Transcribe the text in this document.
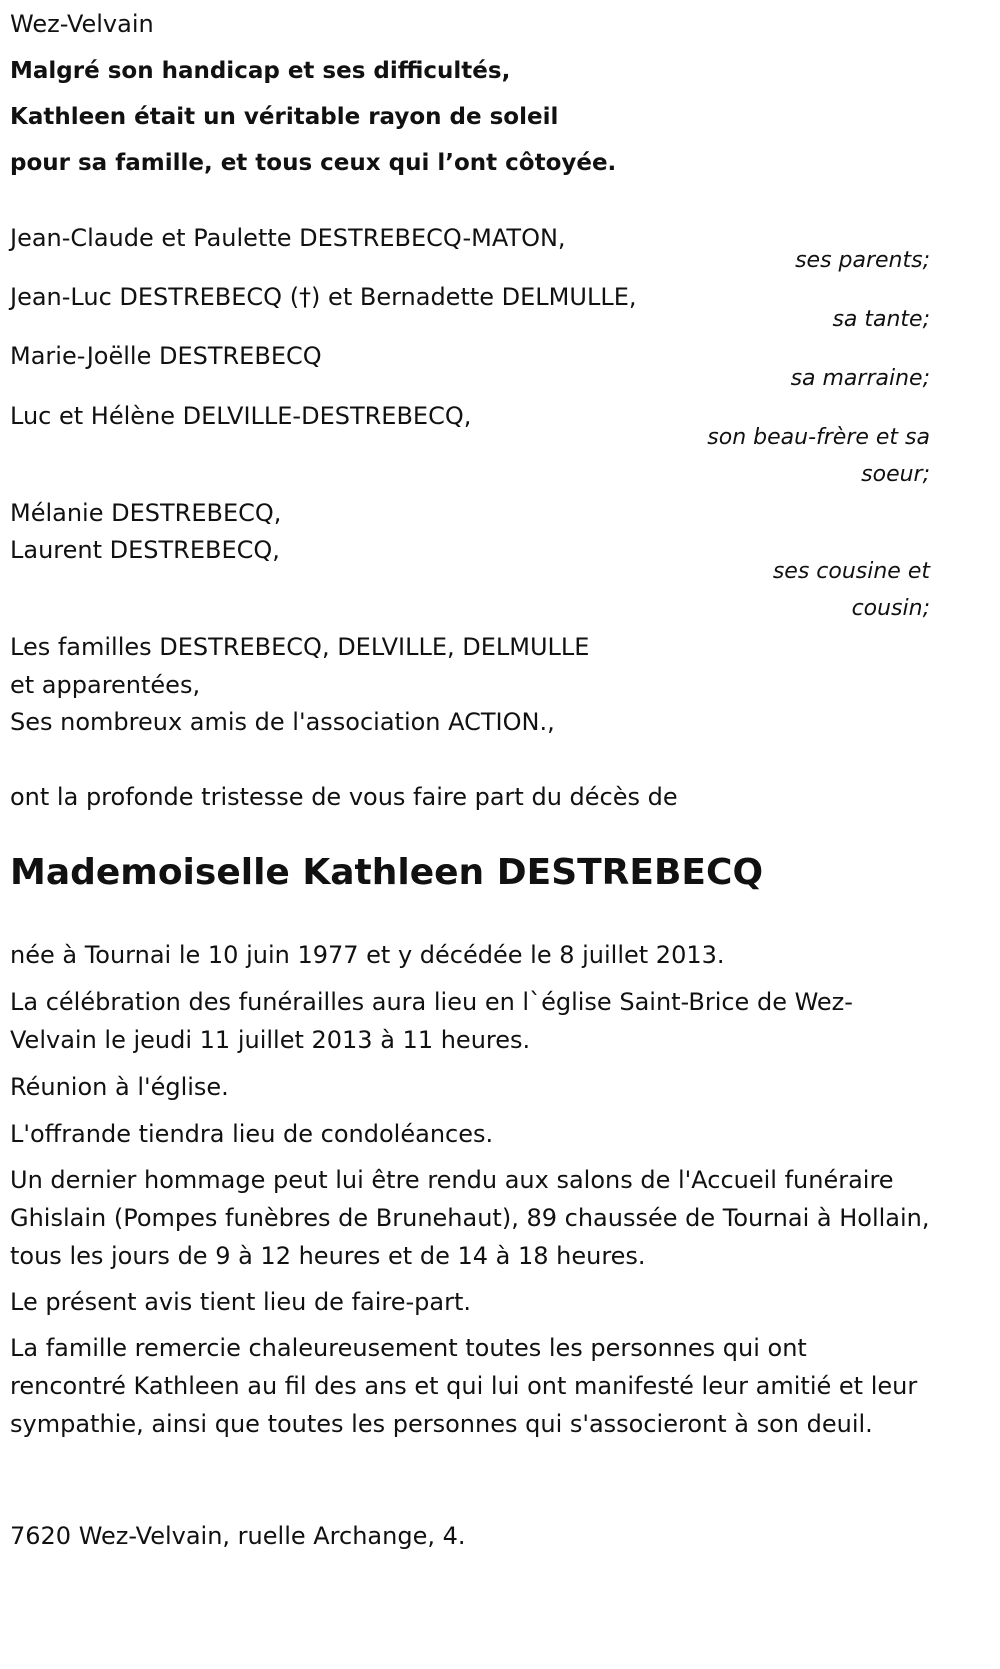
Wez-Velvain
Malgré son handicap et ses difficultés,
Kathleen était un véritable rayon de soleil
pour sa famille, et tous ceux qui l’ont côtoyée.
Jean-Claude et Paulette DESTREBECQ-MATON,
ses parents;
Jean-Luc DESTREBECQ (†) et Bernadette DELMULLE,
sa tante;
Marie-Joëlle DESTREBECQ
sa marraine;
Luc et Hélène DELVILLE-DESTREBECQ,
son beau-frère et sa
soeur;
Mélanie DESTREBECQ,
Laurent DESTREBECQ,
ses cousine et
cousin;
Les familles DESTREBECQ, DELVILLE, DELMULLE
et apparentées,
Ses nombreux amis de l'association ACTION.,
ont la profonde tristesse de vous faire part du décès de
Mademoiselle Kathleen DESTREBECQ
née à Tournai le 10 juin 1977 et y décédée le 8 juillet 2013.
La célébration des funérailles aura lieu en l`église Saint-Brice de Wez-Velvain le jeudi 11 juillet 2013 à 11 heures.
Réunion à l'église.
L'offrande tiendra lieu de condoléances.
Un dernier hommage peut lui être rendu aux salons de l'Accueil funéraire Ghislain (Pompes funèbres de Brunehaut), 89 chaussée de Tournai à Hollain, tous les jours de 9 à 12 heures et de 14 à 18 heures.
Le présent avis tient lieu de faire-part.
La famille remercie chaleureusement toutes les personnes qui ont rencontré Kathleen au fil des ans et qui lui ont manifesté leur amitié et leur sympathie, ainsi que toutes les personnes qui s'associeront à son deuil.
7620 Wez-Velvain, ruelle Archange, 4.
